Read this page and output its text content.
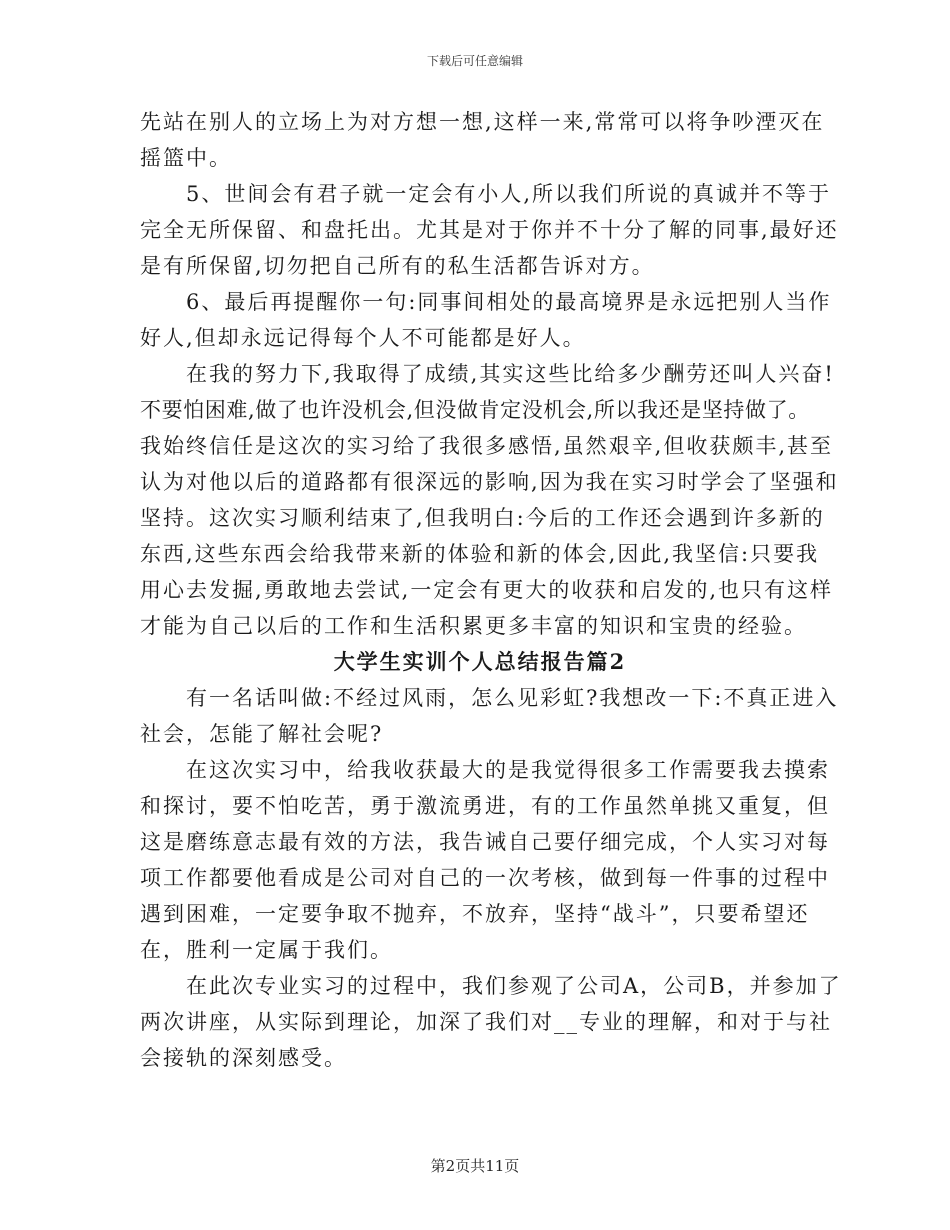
下载后可任意编辑
先站在别人的立场上为对方想一想,这样一来,常常可以将争吵湮灭在
摇篮中。
5、世间会有君子就一定会有小人,所以我们所说的真诚并不等于
完全无所保留、和盘托出。尤其是对于你并不十分了解的同事,最好还
是有所保留,切勿把自己所有的私生活都告诉对方。
6、最后再提醒你一句:同事间相处的最高境界是永远把别人当作
好人,但却永远记得每个人不可能都是好人。
在我的努力下,我取得了成绩,其实这些比给多少酬劳还叫人兴奋!
不要怕困难,做了也许没机会,但没做肯定没机会,所以我还是坚持做了。
我始终信任是这次的实习给了我很多感悟,虽然艰辛,但收获颇丰,甚至
认为对他以后的道路都有很深远的影响,因为我在实习时学会了坚强和
坚持。这次实习顺利结束了,但我明白:今后的工作还会遇到许多新的
东西,这些东西会给我带来新的体验和新的体会,因此,我坚信:只要我
用心去发掘,勇敢地去尝试,一定会有更大的收获和启发的,也只有这样
才能为自己以后的工作和生活积累更多丰富的知识和宝贵的经验。
大学生实训个人总结报告篇2
有一名话叫做:不经过风雨，怎么见彩虹?我想改一下:不真正进入
社会，怎能了解社会呢?
在这次实习中，给我收获最大的是我觉得很多工作需要我去摸索
和探讨，要不怕吃苦，勇于激流勇进，有的工作虽然单挑又重复，但
这是磨练意志最有效的方法，我告诫自己要仔细完成，个人实习对每
项工作都要他看成是公司对自己的一次考核，做到每一件事的过程中
遇到困难，一定要争取不抛弃，不放弃，坚持“战斗”，只要希望还
在，胜利一定属于我们。
在此次专业实习的过程中，我们参观了公司A，公司B，并参加了
两次讲座，从实际到理论，加深了我们对__专业的理解，和对于与社
会接轨的深刻感受。
第2页共11页
